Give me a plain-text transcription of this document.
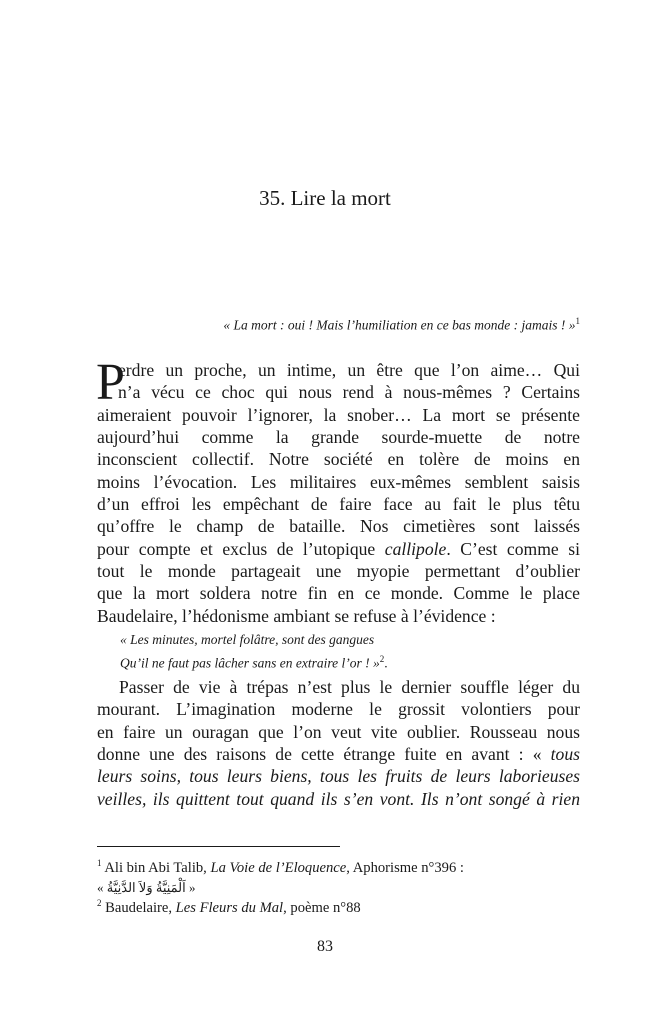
35. Lire la mort
« La mort : oui ! Mais l’humiliation en ce bas monde : jamais ! »$^1$
P
erdre un proche, un intime, un être que l’on aime… Qui
n’a vécu ce choc qui nous rend à nous-mêmes ? Certains
aimeraient pouvoir l’ignorer, la snober… La mort se présente
aujourd’hui comme la grande sourde-muette de notre
inconscient collectif. Notre société en tolère de moins en
moins l’évocation. Les militaires eux-mêmes semblent saisis
d’un effroi les empêchant de faire face au fait le plus têtu
qu’offre le champ de bataille. Nos cimetières sont laissés
pour compte et exclus de l’utopique callipole. C’est comme si
tout le monde partageait une myopie permettant d’oublier
que la mort soldera notre fin en ce monde. Comme le place
Baudelaire, l’hédonisme ambiant se refuse à l’évidence :
« Les minutes, mortel folâtre, sont des gangues
Qu’il ne faut pas lâcher sans en extraire l’or ! »$^2$.
Passer de vie à trépas n’est plus le dernier souffle léger du
mourant. L’imagination moderne le grossit volontiers pour
en faire un ouragan que l’on veut vite oublier. Rousseau nous
donne une des raisons de cette étrange fuite en avant : « tous
leurs soins, tous leurs biens, tous les fruits de leurs laborieuses
veilles, ils quittent tout quand ils s’en vont. Ils n’ont songé à rien
$^1$ Ali bin Abi Talib, La Voie de l’Eloquence, Aphorisme n°396 :
« اَلْمَنِيَّةُ وَلاَ الدَّنِيَّةُ »
$^2$ Baudelaire, Les Fleurs du Mal, poème n°88
83
